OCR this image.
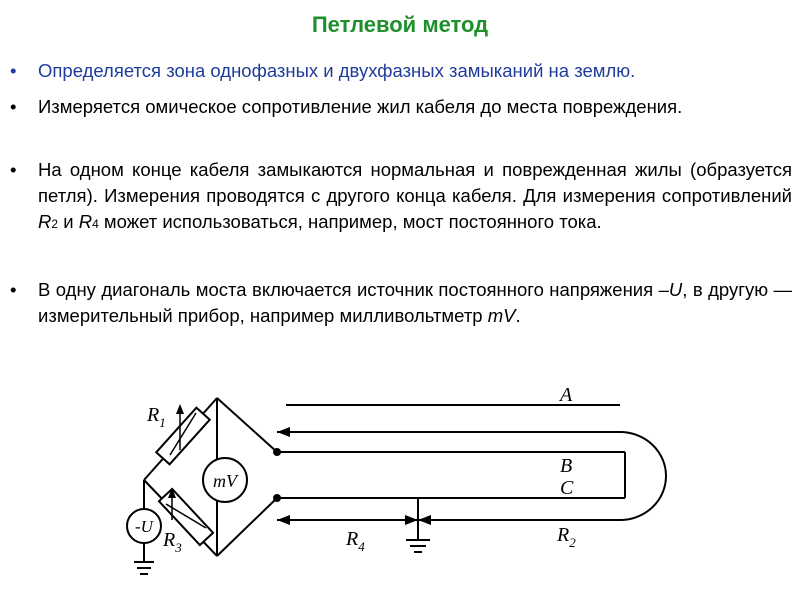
Петлевой метод
• Определяется зона однофазных и двухфазных замыканий на землю.
• Измеряется омическое сопротивление жил кабеля до места повреждения.
• На одном конце кабеля замыкаются нормальная и поврежденная жилы (образуется петля). Измерения проводятся с другого конца кабеля. Для измерения сопротивлений R2 и R4 может использоваться, например, мост постоянного тока.
• В одну диагональ моста включается источник постоянного напряжения –U, в другую — измерительный прибор, например милливольтметр mV.
A
B
C
$R_1$
$R_3$	$R_4$
$R_2$
mV
-U
